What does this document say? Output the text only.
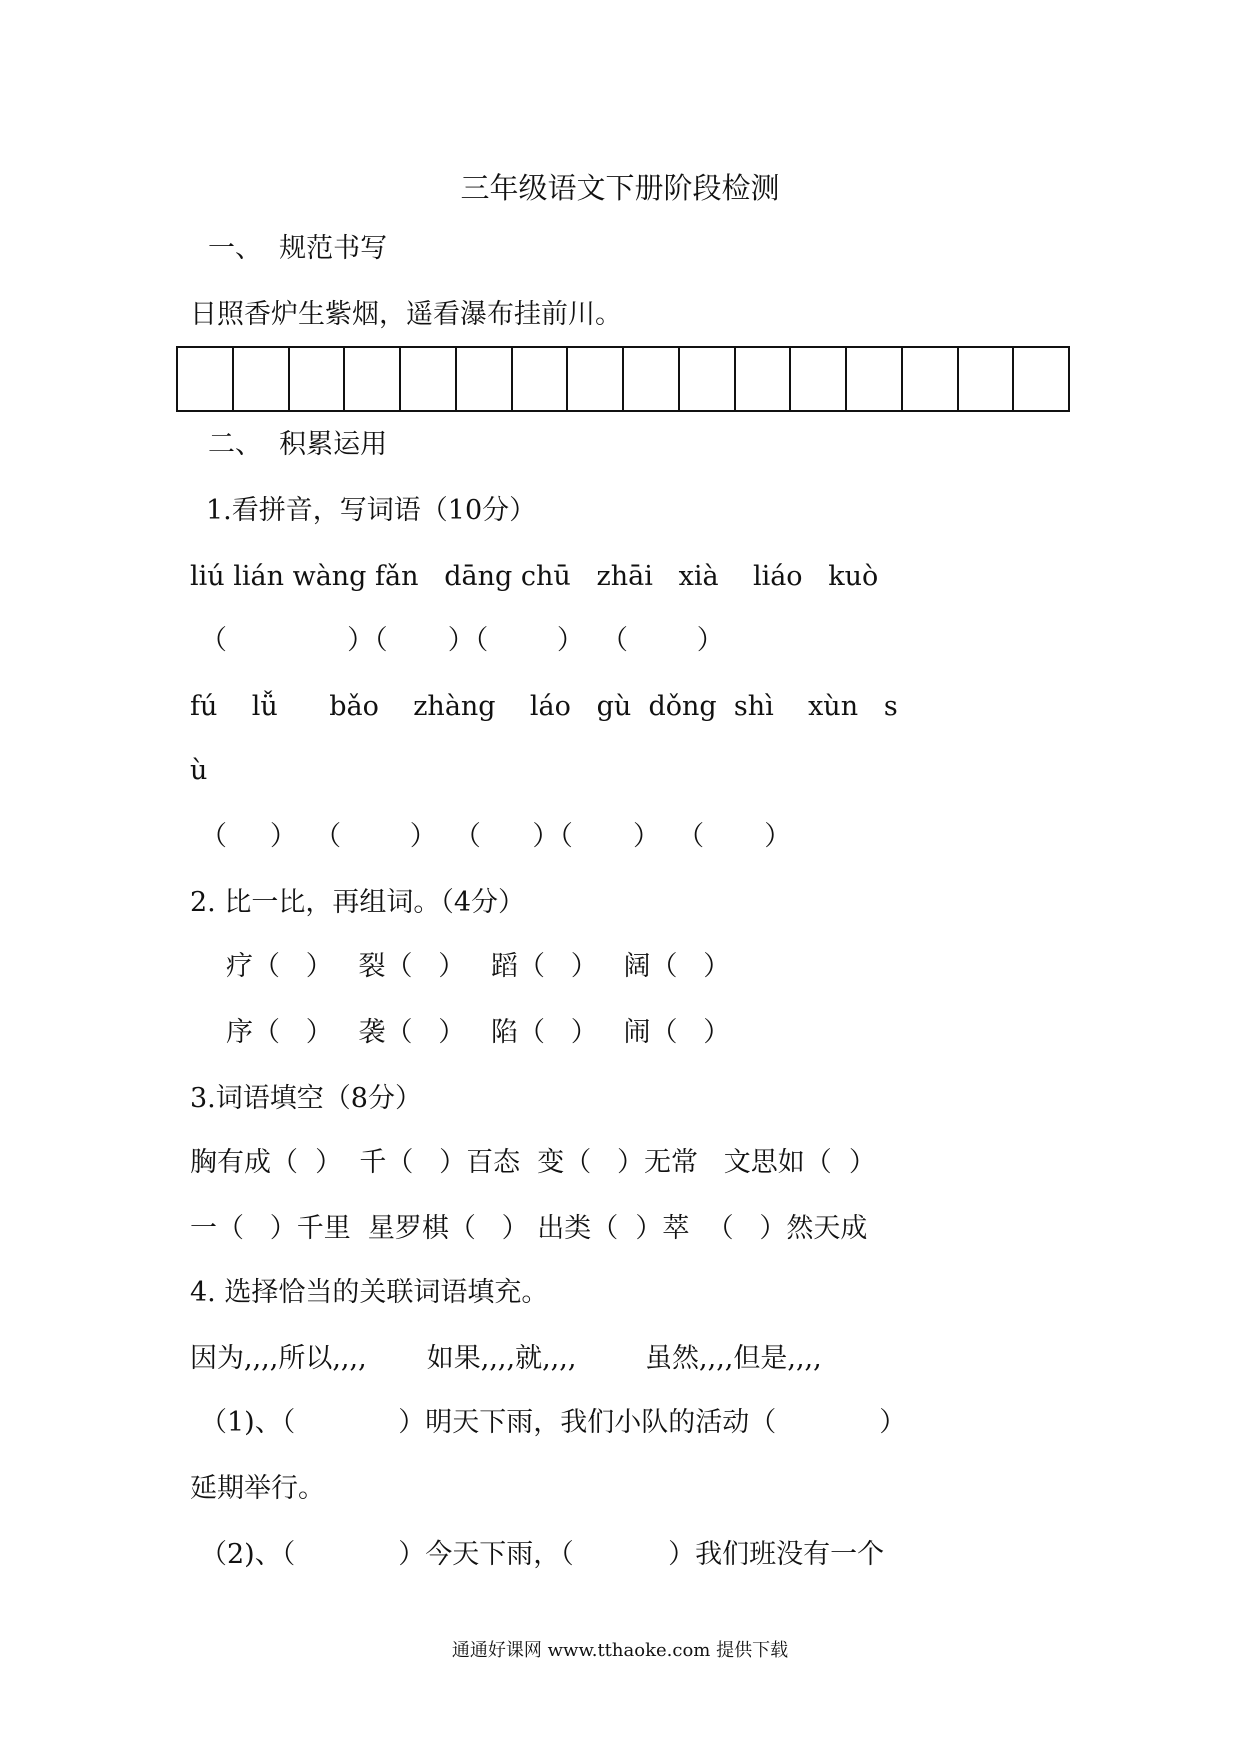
三年级语文下册阶段检测
一、  规范书写
日照香炉生紫烟，遥看瀑布挂前川。
二、  积累运用
1.看拼音，写词语（10分）
liú lián wàng fǎn   dāng chū   zhāi   xià    liáo   kuò
（              ）（       ）（        ）  （        ）
fú    lǚ      bǎo    zhàng    láo   gù  dǒng  shì    xùn   s
ù
（     ）  （        ）  （      ）（       ）  （       ）
2. 比一比，再组词。（4分）
疗（   ）   裂（   ）   蹈（   ）   阔（   ）
序（   ）   袭（   ）   陷（   ）   闹（   ）
3.词语填空（8分）
胸有成（  ）  千（   ）百态  变（   ）无常   文思如（  ）
一（   ）千里  星罗棋（   ） 出类（  ）萃  （   ）然天成
4. 选择恰当的关联词语填充。
因为,,,,所以,,,,       如果,,,,就,,,,        虽然,,,,但是,,,,
（1)、（            ）明天下雨，我们小队的活动（            ）
延期举行。
（2)、（            ）今天下雨，（           ）我们班没有一个
通通好课网 www.tthaoke.com 提供下载
